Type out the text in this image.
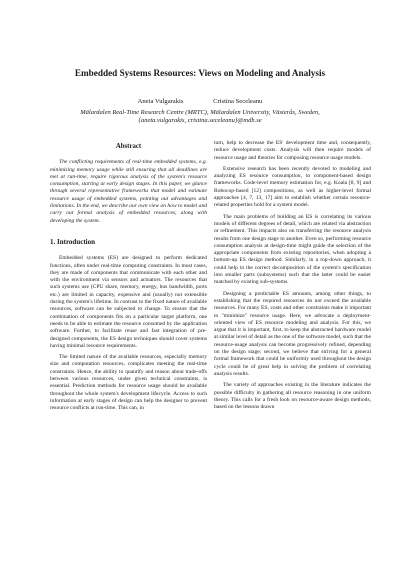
Embedded Systems Resources: Views on Modeling and Analysis
Aneta Vulgarakis	Cristina Seceleanu
Mälardalen Real-Time Research Centre (MRTC), Mälardalen University, Västerås, Sweden,
{aneta.vulgarakis, cristina.seceleanu}@mdh.se
Abstract

The conflicting requirements of real-time embedded systems, e.g. minimizing memory usage while still ensuring that all deadlines are met at run-time, require rigorous analysis of the system's resource consumption, starting at early design stages. In this paper, we glance through several representative frameworks that model and estimate resource usage of embedded systems, pointing out advantages and limitations. In the end, we describe our own view on how to model and carry out formal analysis of embedded resources, along with developing the system.

1. Introduction

Embedded systems (ES) are designed to perform dedicated functions, often under real-time computing constraints. In most cases, they are made of components that communicate with each other and with the environment via sensors and actuators. The resources that such systems use (CPU share, memory, energy, bus bandwidth, ports etc.) are limited in capacity, expensive and (usually) not extensible during the system's lifetime. In contrast to the fixed nature of available resources, software can be subjected to change. To ensure that the combination of components fits on a particular target platform, one needs to be able to estimate the resource consumed by the application software. Further, to facilitate reuse and fast integration of pre-designed components, the ES design techniques should cover systems having minimal resource requirements.

The limited nature of the available resources, especially memory size and computation resources, complicates meeting the real-time constraints. Hence, the ability to quantify and reason about trade-offs between various resources, under given technical constraints, is essential. Prediction methods for resource usage should be available throughout the whole system's development lifecycle. Access to such information at early stages of design can help the designer to prevent resource conflicts at run-time. This can, in

turn, help to decrease the ES' development time and, consequently, reduce development costs. Analysis will then require models of resource usage and theories for composing resource usage models.

Extensive research has been recently devoted to modeling and analyzing ES resource consumption, in component-based design frameworks. Code-level memory estimation for, e.g. Koala [8, 9] and Robocop-based [12] compositions, as well as higher-level formal approaches [4, 7, 13, 17] aim to establish whether certain resource-related properties hold for a system model.

The main problems of building an ES is correlating its various models of different degrees of detail, which are related via abstraction or refinement. This impacts also on transferring the resource analysis results from one design stage to another. Even so, performing resource consumption analysis at design-time might guide the selection of the appropriate components from existing repositories, when adopting a bottom-up ES design method. Similarly, in a top-down approach, it could help in the correct decomposition of the system's specification into smaller parts (subsystems) such that the latter could be easier matched by existing sub-systems.

Designing a predictable ES amounts, among other things, to establishing that the required resources do not exceed the available resources. For many ES, costs and other constraints make it important to "minimize" resource usage. Here, we advocate a deployment-oriented view of ES resource modeling and analysis. For this, we argue that it is important, first, to keep the abstracted hardware model at similar level of detail as the one of the software model, such that the resource-usage analysis can become progressively refined, depending on the design stage; second, we believe that striving for a general formal framework that could be uniformly used throughout the design cycle could be of great help in solving the problem of correlating analysis results.

The variety of approaches existing in the literature indicates the possible difficulty in gathering all resource reasoning in one uniform theory. This calls for a fresh look on resource-aware design methods, based on the lessons drawn
